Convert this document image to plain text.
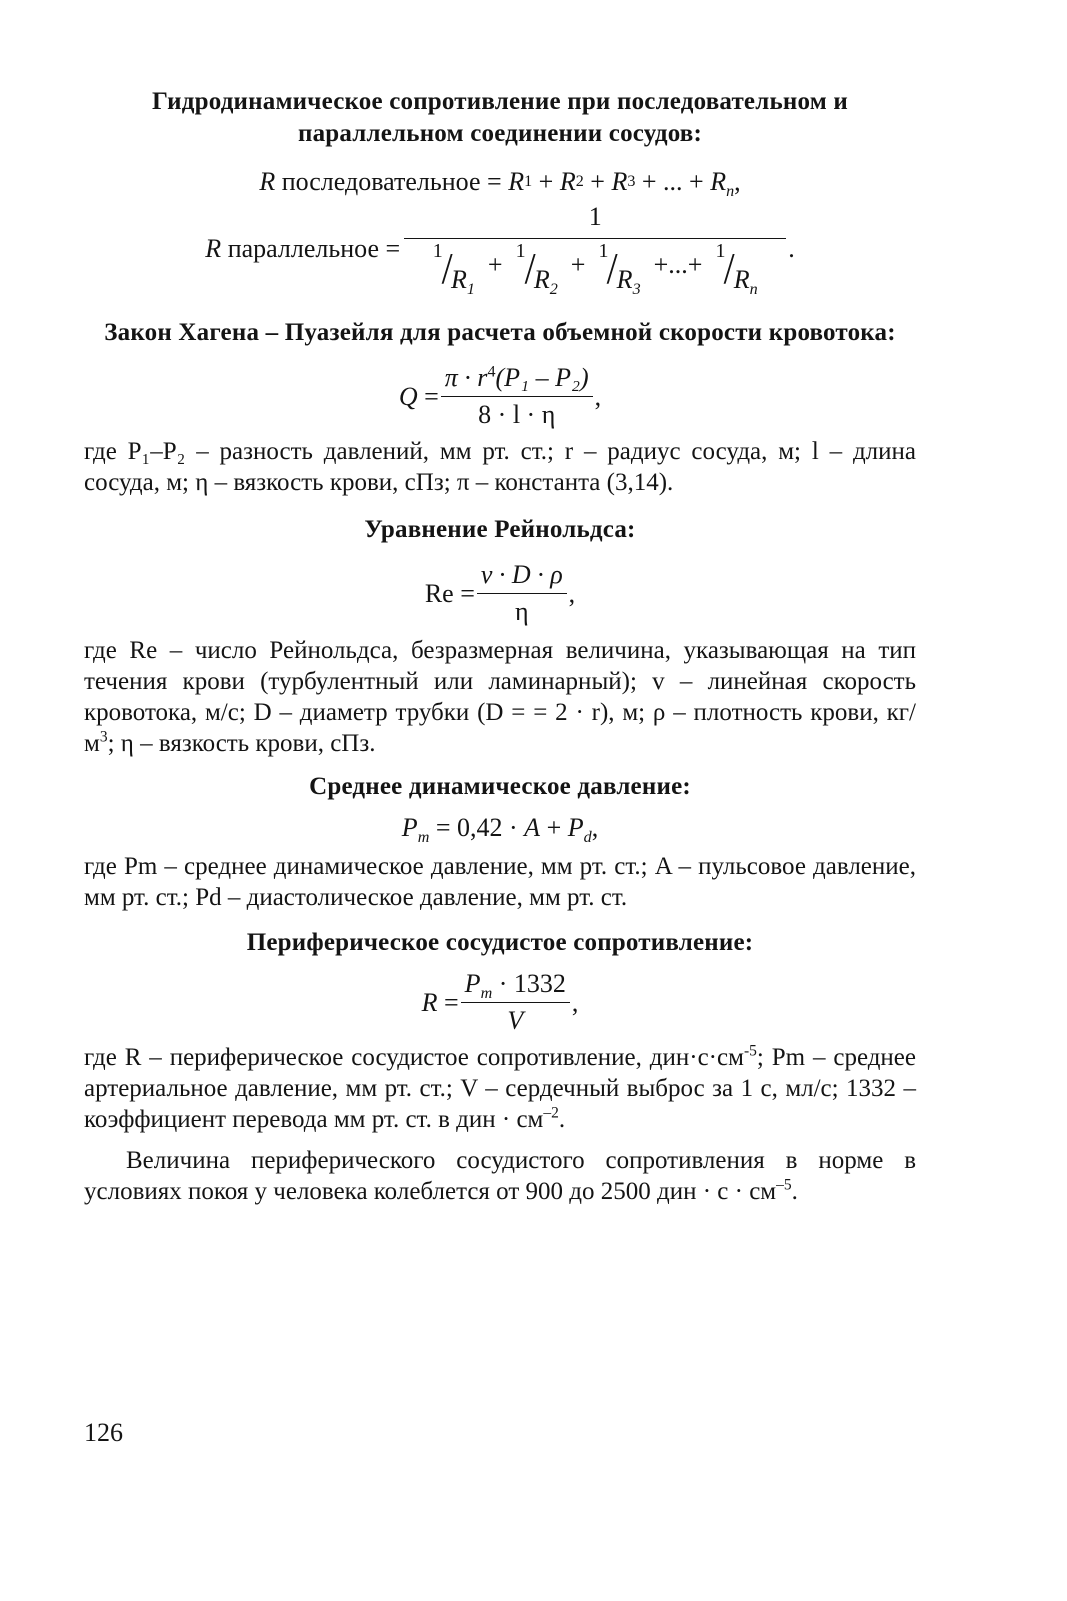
Гидродинамическое сопротивление при последовательном и параллельном соединении сосудов:
R
последовательное = R 1 + R 2 + R 3 + ... + $R_n$ ,
R
параллельное =
1
1
/
$R_1$
+ 1
/
$R_2$
+ 1
/
$R_3$
+...+ 1
/
$R_n$
.
Закон Хагена – Пуазейля для расчета объемной скорости кровотока:
$Q = \frac{\pi \cdot r^4(P_1 - P_2)}{8 \cdot l \cdot \eta}$ ,

где P₁–P₂ – разность давлений, мм рт. ст.; r – радиус сосуда, м; l – длина сосуда, м; η – вязкость крови, сПз; π – константа (3,14).

Уравнение Рейнольдса:
$Re = \frac{v \cdot D \cdot \rho}{\eta}$ ,

где Re – число Рейнольдса, безразмерная величина, указывающая на тип течения крови (турбулентный или ламинарный); v – линейная скорость кровотока, м/с; D – диаметр трубки (D = = 2 · r), м; ρ – плотность крови, $кг/м^3$; η – вязкость крови, сПз.

Среднее динамическое давление:
$P_m = 0,42 \cdot A + P_d$ ,

где Pm – среднее динамическое давление, мм рт. ст.; A – пульсовое давление, мм рт. ст.; Pd – диастолическое давление, мм рт. ст.

Периферическое сосудистое сопротивление:
$R = \frac{P_m \cdot 1332}{V}$ ,

где R – периферическое сосудистое сопротивление, $дин\cdot с\cdot см^{-5}$; Pm – среднее артериальное давление, мм рт. ст.; V – сердечный выброс за 1 с, мл/с; 1332 – коэффициент перевода мм рт. ст. в дин · $см^{-2}$.

Величина периферического сосудистого сопротивления в норме в условиях покоя у человека колеблется от 900 до 2500 дин · $с \cdot см^{-5}$.

126
